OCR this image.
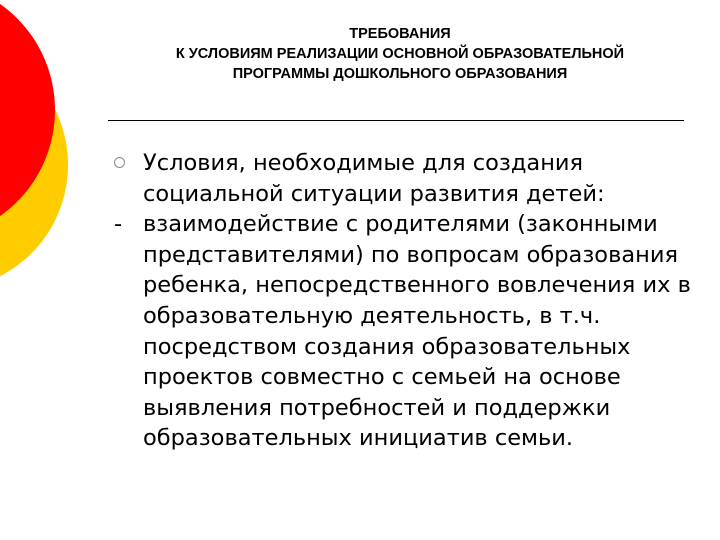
ТРЕБОВАНИЯ
К УСЛОВИЯМ РЕАЛИЗАЦИИ ОСНОВНОЙ ОБРАЗОВАТЕЛЬНОЙ
ПРОГРАММЫ ДОШКОЛЬНОГО ОБРАЗОВАНИЯ

Условия, необходимые для создания социальной ситуации развития детей:

- взаимодействие с родителями (законными представителями) по вопросам образования ребенка, непосредственного вовлечения их в образовательную деятельность, в т.ч. посредством создания образовательных проектов совместно с семьей на основе выявления потребностей и поддержки образовательных инициатив семьи.
